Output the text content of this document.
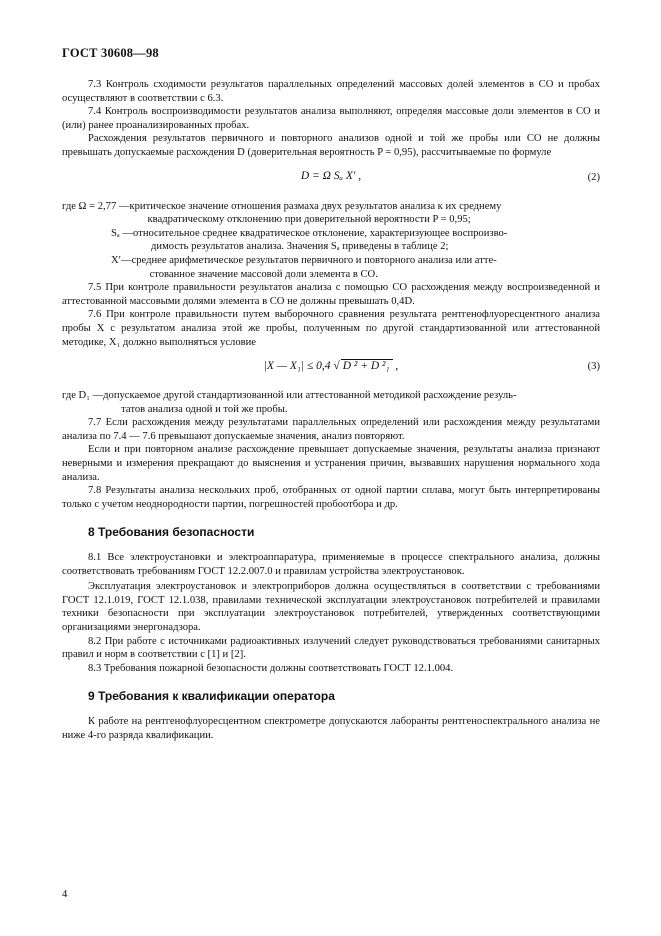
ГОСТ 30608—98

7.3 Контроль сходимости результатов параллельных определений массовых долей элементов в СО и пробах осуществляют в соответствии с 6.3.

7.4 Контроль воспроизводимости результатов анализа выполняют, определяя массовые доли элементов в СО и (или) ранее проанализированных пробах.

Расхождения результатов первичного и повторного анализов одной и той же пробы или СО не должны превышать допускаемые расхождения D (доверительная вероятность P = 0,95), рассчитываемые по формуле

D = Ω Sₐ X′ ,	(2)
где Ω = 2,77 — критическое значение отношения размаха двух результатов анализа к их среднему
квадратическому отклонению при доверительной вероятности P = 0,95;
Sₐ — относительное среднее квадратическое отклонение, характеризующее воспроизво-
димость результатов анализа. Значения Sₐ приведены в таблице 2;
X′— среднее арифметическое результатов первичного и повторного анализа или атте-
стованное значение массовой доли элемента в СО.

7.5 При контроле правильности результатов анализа с помощью СО расхождения между воспроизведенной и аттестованной массовыми долями элемента в СО не должны превышать 0,4D.

7.6 При контроле правильности путем выборочного сравнения результата рентгенофлуоресцентного анализа пробы X с результатом анализа этой же пробы, полученным по другой стандартизованной или аттестованной методике, X₁ должно выполняться условие

|X — X₁| ≤ 0,4 √ D ² + D ²₁ ,	(3)
где D₁ — допускаемое другой стандартизованной или аттестованной методикой расхождение резуль-
татов анализа одной и той же пробы.

7.7 Если расхождения между результатами параллельных определений или расхождения между результатами анализа по 7.4 — 7.6 превышают допускаемые значения, анализ повторяют.

Если и при повторном анализе расхождение превышает допускаемые значения, результаты анализа признают неверными и измерения прекращают до выяснения и устранения причин, вызвавших нарушения нормального хода анализа.

7.8 Результаты анализа нескольких проб, отобранных от одной партии сплава, могут быть интерпретированы только с учетом неоднородности партии, погрешностей пробоотбора и др.

8 Требования безопасности

8.1 Все электроустановки и электроаппаратура, применяемые в процессе спектрального анализа, должны соответствовать требованиям ГОСТ 12.2.007.0 и правилам устройства электроустановок.

Эксплуатация электроустановок и электроприборов должна осуществляться в соответствии с требованиями ГОСТ 12.1.019, ГОСТ 12.1.038, правилами технической эксплуатации электроустановок потребителей и правилами техники безопасности при эксплуатации электроустановок потребителей, утвержденных соответствующими организациями энергонадзора.

8.2 При работе с источниками радиоактивных излучений следует руководствоваться требованиями санитарных правил и норм в соответствии с [1] и [2].

8.3 Требования пожарной безопасности должны соответствовать ГОСТ 12.1.004.

9 Требования к квалификации оператора

К работе на рентгенофлуоресцентном спектрометре допускаются лаборанты рентгеноспектрального анализа не ниже 4-го разряда квалификации.

4
